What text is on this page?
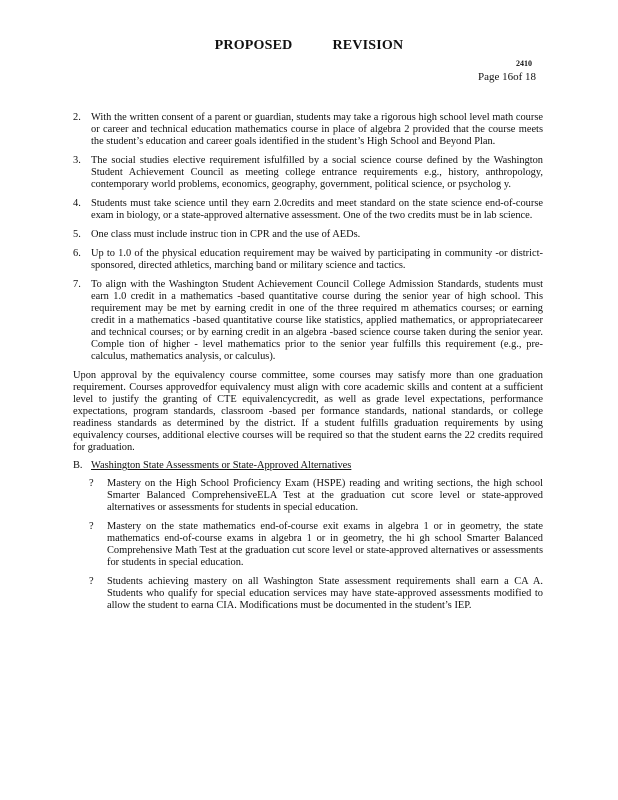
PROPOSED	REVISION
2410
Page 16of 18
2. With the written consent of a parent or guardian, students may take a rigorous high school level math course or career and technical education mathematics course in place of algebra 2 provided that the course meets the student’s education and career goals identified in the student’s High School and Beyond Plan.
3. The social studies elective requirement isfulfilled by a social science course defined by the Washington Student Achievement Council as meeting college entrance requirements e.g., history, anthropology, contemporary world problems, economics, geography, government, political science, or psycholog y.
4. Students must take science until they earn 2.0credits and meet standard on the state science end-of-course exam in biology, or a state-approved alternative assessment. One of the two credits must be in lab science.
5. One class must include instruc tion in CPR and the use of AEDs.
6. Up to 1.0 of the physical education requirement may be waived by participating in community -or district-sponsored, directed athletics, marching band or military science and tactics.
7. To align with the Washington Student Achievement Council College Admission Standards, students must earn 1.0 credit in a mathematics -based quantitative course during the senior year of high school. This requirement may be met by earning credit in one of the three required m athematics courses; or earning credit in a mathematics -based quantitative course like statistics, applied mathematics, or appropriatecareer and technical courses; or by earning credit in an algebra -based science course taken during the senior year. Comple tion of higher - level mathematics prior to the senior year fulfills this requirement (e.g., pre-calculus, mathematics analysis, or calculus).

Upon approval by the equivalency course committee, some courses may satisfy more than one graduation requirement. Courses approvedfor equivalency must align with core academic skills and content at a sufficient level to justify the granting of CTE equivalencycredit, as well as grade level expectations, performance expectations, program standards, classroom -based per formance standards, national standards, or college readiness standards as determined by the district. If a student fulfills graduation requirements by using equivalency courses, additional elective courses will be required so that the student earns the 22 credits required for graduation.

B. Washington State Assessments or State-Approved Alternatives
?	Mastery on the High School Proficiency Exam (HSPE) reading and writing sections, the high school Smarter Balanced ComprehensiveELA Test at the graduation cut score level or state-approved alternatives or assessments for students in special education.
?	Mastery on the state mathematics end-of-course exit exams in algebra 1 or in geometry, the state mathematics end-of-course exams in algebra 1 or in geometry, the hi gh school Smarter Balanced Comprehensive Math Test at the graduation cut score level or state-approved alternatives or assessments for students in special education.
?	Students achieving mastery on all Washington State assessment requirements shall earn a CA A. Students who qualify for special education services may have state-approved assessments modified to allow the student to earna CIA. Modifications must be documented in the student’s IEP.
